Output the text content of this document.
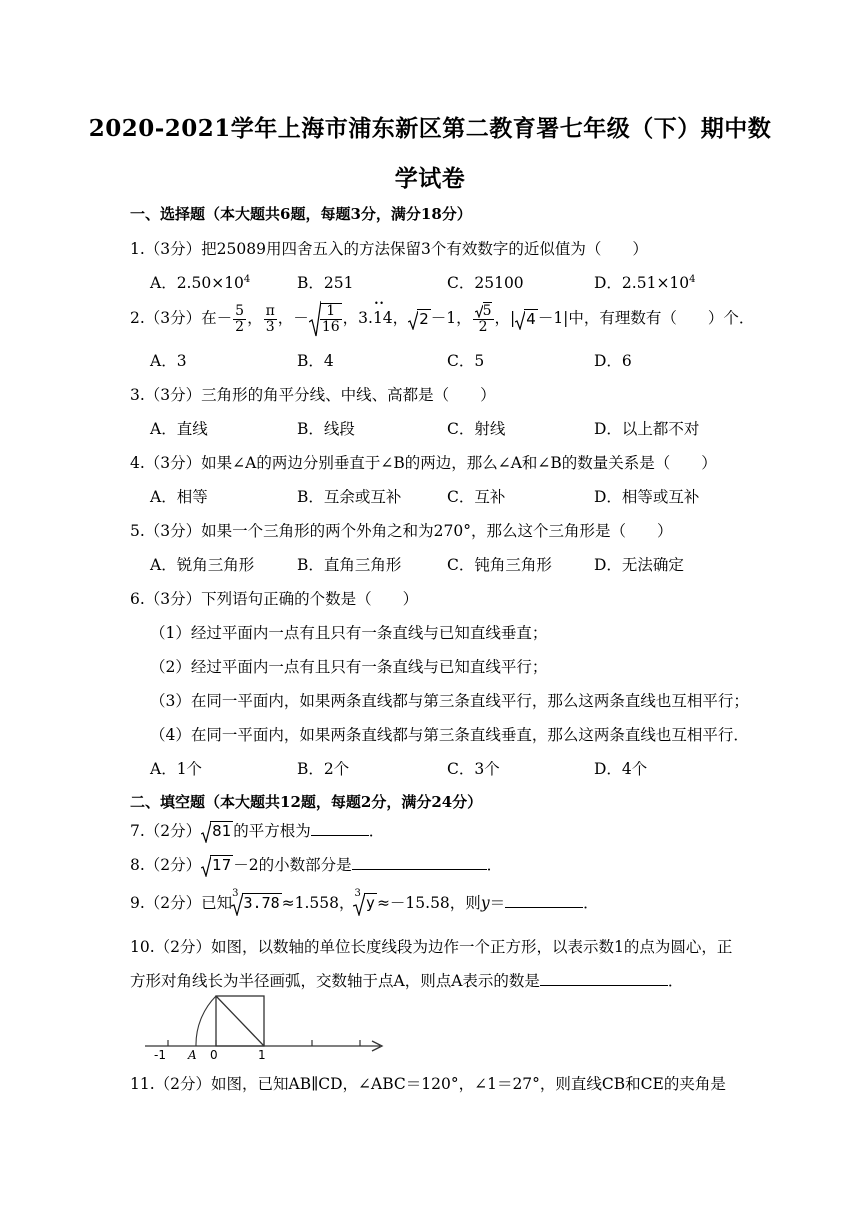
2020-2021学年上海市浦东新区第二教育署七年级（下）期中数
学试卷
一、选择题（本大题共6题，每题3分，满分18分）
1.（3分）把25089用四舍五入的方法保留3个有效数字的近似值为（　　）
A．$2.50\times 10^4$	B．251	C．25100	D．$2.51\times 10^4$
2.（3分）在－ $\frac{5}{2}$ ， $\frac{\pi}{3}$ ，－ $\frac{1}{16}$ ，3.• • 14， 2 －1， $\frac{5}{2}$ ，| 4 －1|中，有理数有（　　）个．
A．3	B．4	C．5	D．6
3.（3分）三角形的角平分线、中线、高都是（　　）
A．直线	B．线段	C．射线	D．以上都不对
4.（3分）如果∠A的两边分别垂直于∠B的两边，那么∠A和∠B的数量关系是（　　）
A．相等	B．互余或互补	C．互补	D．相等或互补
5.（3分）如果一个三角形的两个外角之和为270°，那么这个三角形是（　　）
A．锐角三角形	B．直角三角形	C．钝角三角形	D．无法确定
6.（3分）下列语句正确的个数是（　　）
（1）经过平面内一点有且只有一条直线与已知直线垂直；
（2）经过平面内一点有且只有一条直线与已知直线平行；
（3）在同一平面内，如果两条直线都与第三条直线平行，那么这两条直线也互相平行；
（4）在同一平面内，如果两条直线都与第三条直线垂直，那么这两条直线也互相平行．
A．1个	B．2个	C．3个	D．4个
二、填空题（本大题共12题，每题2分，满分24分）
7.（2分） 81 的平方根为	．
8.（2分） 17 －2的小数部分是	．
9.（2分）已知$^3$3.78 ≈1.558，$^3$y ≈－15.58，则y＝	．
10.（2分）如图，以数轴的单位长度线段为边作一个正方形，以表示数1的点为圆心，正
方形对角线长为半径画弧，交数轴于点A，则点A表示的数是	．
-1 A 0	1
11.（2分）如图，已知AB∥CD，∠ABC＝120°，∠1＝27°，则直线CB和CE的夹角是
